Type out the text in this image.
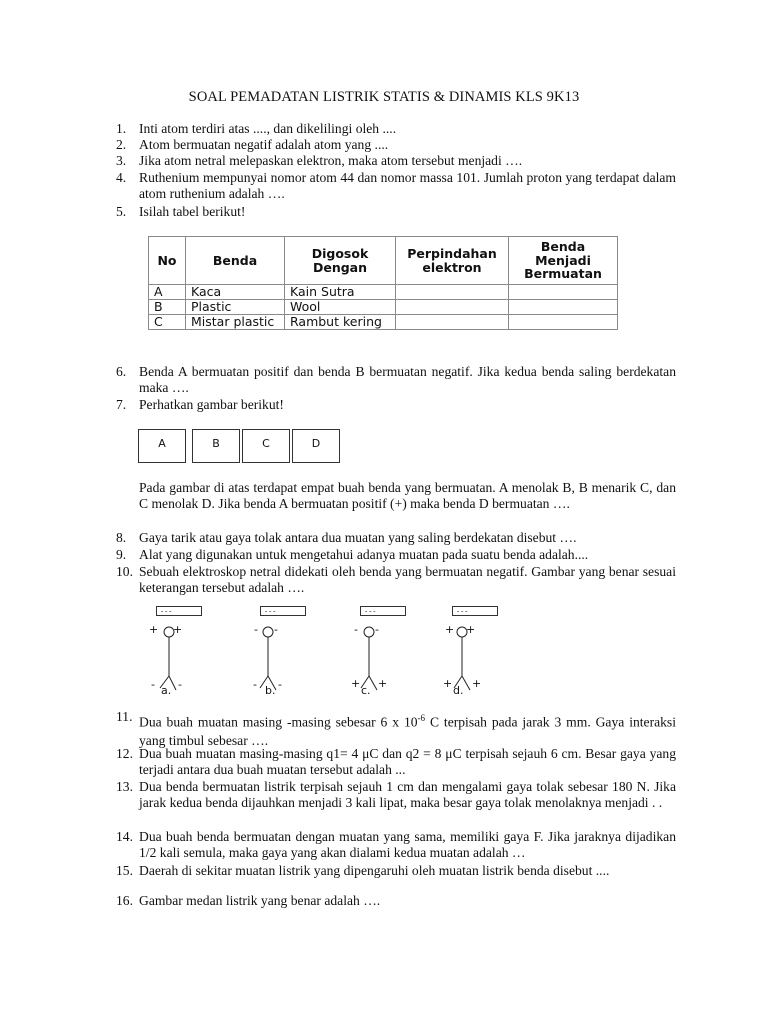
SOAL PEMADATAN LISTRIK STATIS & DINAMIS KLS 9K13
1. Inti atom terdiri atas ...., dan dikelilingi oleh ....
2. Atom bermuatan negatif adalah atom yang ....
3. Jika atom netral melepaskan elektron, maka atom tersebut menjadi ….
4. Ruthenium mempunyai nomor atom 44 dan nomor massa 101. Jumlah proton yang terdapat dalam atom ruthenium adalah ….
5. Isilah tabel berikut!
No	Benda	Digosok Dengan	Perpindahan elektron	Benda Menjadi Bermuatan
A	Kaca	Kain Sutra		
B	Plastic	Wool		
C	Mistar plastic	Rambut kering		
6. Benda A bermuatan positif dan benda B bermuatan negatif. Jika kedua benda saling berdekatan maka ….
7. Perhatkan gambar berikut!
A	B	C	D
Pada gambar di atas terdapat empat buah benda yang bermuatan. A menolak B, B menarik C, dan C menolak D. Jika benda A bermuatan positif (+) maka benda D bermuatan ….
8. Gaya tarik atau gaya tolak antara dua muatan yang saling berdekatan disebut ….
9. Alat yang digunakan untuk mengetahui adanya muatan pada suatu benda adalah....
10. Sebuah elektroskop netral didekati oleh benda yang bermuatan negatif. Gambar yang benar sesuai keterangan tersebut adalah ….
- - -	- - -	- - -	- - -
+ +
- -
a.
- -
- -
b.
- -
+ +
c.
+ +
+ +
d.
11. Dua buah muatan masing -masing sebesar 6 x $10^{-6}$ C terpisah pada jarak 3 mm. Gaya interaksi yang timbul sebesar ….
12. Dua buah muatan masing-masing q1= 4 μC dan q2 = 8 μC terpisah sejauh 6 cm. Besar gaya yang terjadi antara dua buah muatan tersebut adalah ...
13. Dua benda bermuatan listrik terpisah sejauh 1 cm dan mengalami gaya tolak sebesar 180 N. Jika jarak kedua benda dijauhkan menjadi 3 kali lipat, maka besar gaya tolak menolaknya menjadi . .
14. Dua buah benda bermuatan dengan muatan yang sama, memiliki gaya F. Jika jaraknya dijadikan 1/2 kali semula, maka gaya yang akan dialami kedua muatan adalah …
15. Daerah di sekitar muatan listrik yang dipengaruhi oleh muatan listrik benda disebut ....
16. Gambar medan listrik yang benar adalah ….
